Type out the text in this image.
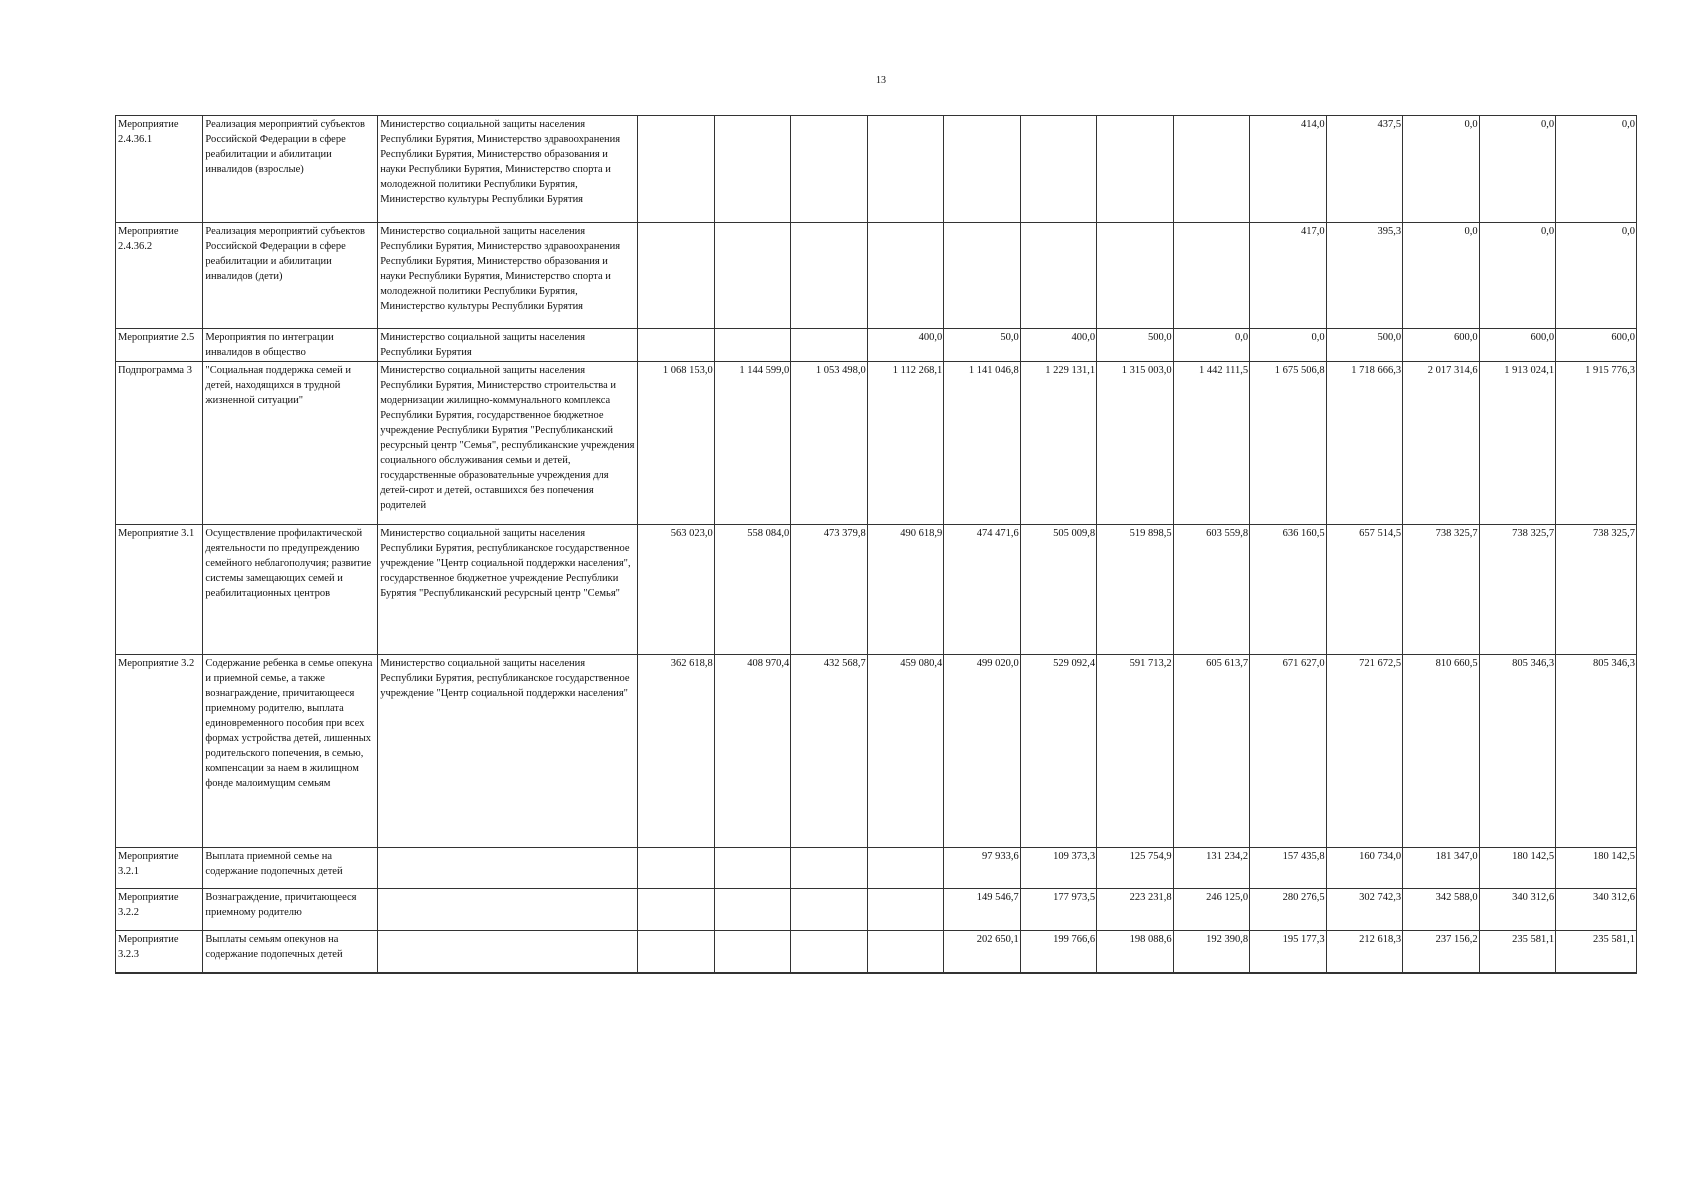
13
Мероприятие 2.4.36.1	Реализация мероприятий субъектов Российской Федерации в сфере реабилитации и абилитации инвалидов (взрослые)	Министерство социальной защиты населения Республики Бурятия, Министерство здравоохранения Республики Бурятия, Министерство образования и науки Республики Бурятия, Министерство спорта и молодежной политики Республики Бурятия, Министерство культуры Республики Бурятия									414,0	437,5	0,0	0,0	0,0
Мероприятие 2.4.36.2	Реализация мероприятий субъектов Российской Федерации в сфере реабилитации и абилитации инвалидов (дети)	Министерство социальной защиты населения Республики Бурятия, Министерство здравоохранения Республики Бурятия, Министерство образования и науки Республики Бурятия, Министерство спорта и молодежной политики Республики Бурятия, Министерство культуры Республики Бурятия									417,0	395,3	0,0	0,0	0,0
Мероприятие 2.5	Мероприятия по интеграции инвалидов в общество	Министерство социальной защиты населения Республики Бурятия				400,0	50,0	400,0	500,0	0,0	0,0	500,0	600,0	600,0	600,0
Подпрограмма 3	"Социальная поддержка семей и детей, находящихся в трудной жизненной ситуации"	Министерство социальной защиты населения Республики Бурятия, Министерство строительства и модернизации жилищно-коммунального комплекса Республики Бурятия, государственное бюджетное учреждение Республики Бурятия "Республиканский ресурсный центр "Семья", республиканские учреждения социального обслуживания семьи и детей, государственные образовательные учреждения для детей-сирот и детей, оставшихся без попечения родителей	1 068 153,0	1 144 599,0	1 053 498,0	1 112 268,1	1 141 046,8	1 229 131,1	1 315 003,0	1 442 111,5	1 675 506,8	1 718 666,3	2 017 314,6	1 913 024,1	1 915 776,3
Мероприятие 3.1	Осуществление профилактической деятельности по предупреждению семейного неблагополучия; развитие системы замещающих семей и реабилитационных центров	Министерство социальной защиты населения Республики Бурятия, республиканское государственное учреждение "Центр социальной поддержки населения", государственное бюджетное учреждение Республики Бурятия "Республиканский ресурсный центр "Семья"	563 023,0	558 084,0	473 379,8	490 618,9	474 471,6	505 009,8	519 898,5	603 559,8	636 160,5	657 514,5	738 325,7	738 325,7	738 325,7
Мероприятие 3.2	Содержание ребенка в семье опекуна и приемной семье, а также вознаграждение, причитающееся приемному родителю, выплата единовременного пособия при всех формах устройства детей, лишенных родительского попечения, в семью, компенсации за наем в жилищном фонде малоимущим семьям	Министерство социальной защиты населения Республики Бурятия, республиканское государственное учреждение "Центр социальной поддержки населения"	362 618,8	408 970,4	432 568,7	459 080,4	499 020,0	529 092,4	591 713,2	605 613,7	671 627,0	721 672,5	810 660,5	805 346,3	805 346,3
Мероприятие 3.2.1	Выплата приемной семье на содержание подопечных детей						97 933,6	109 373,3	125 754,9	131 234,2	157 435,8	160 734,0	181 347,0	180 142,5	180 142,5
Мероприятие 3.2.2	Вознаграждение, причитающееся приемному родителю						149 546,7	177 973,5	223 231,8	246 125,0	280 276,5	302 742,3	342 588,0	340 312,6	340 312,6
Мероприятие 3.2.3	Выплаты семьям опекунов на содержание подопечных детей						202 650,1	199 766,6	198 088,6	192 390,8	195 177,3	212 618,3	237 156,2	235 581,1	235 581,1
